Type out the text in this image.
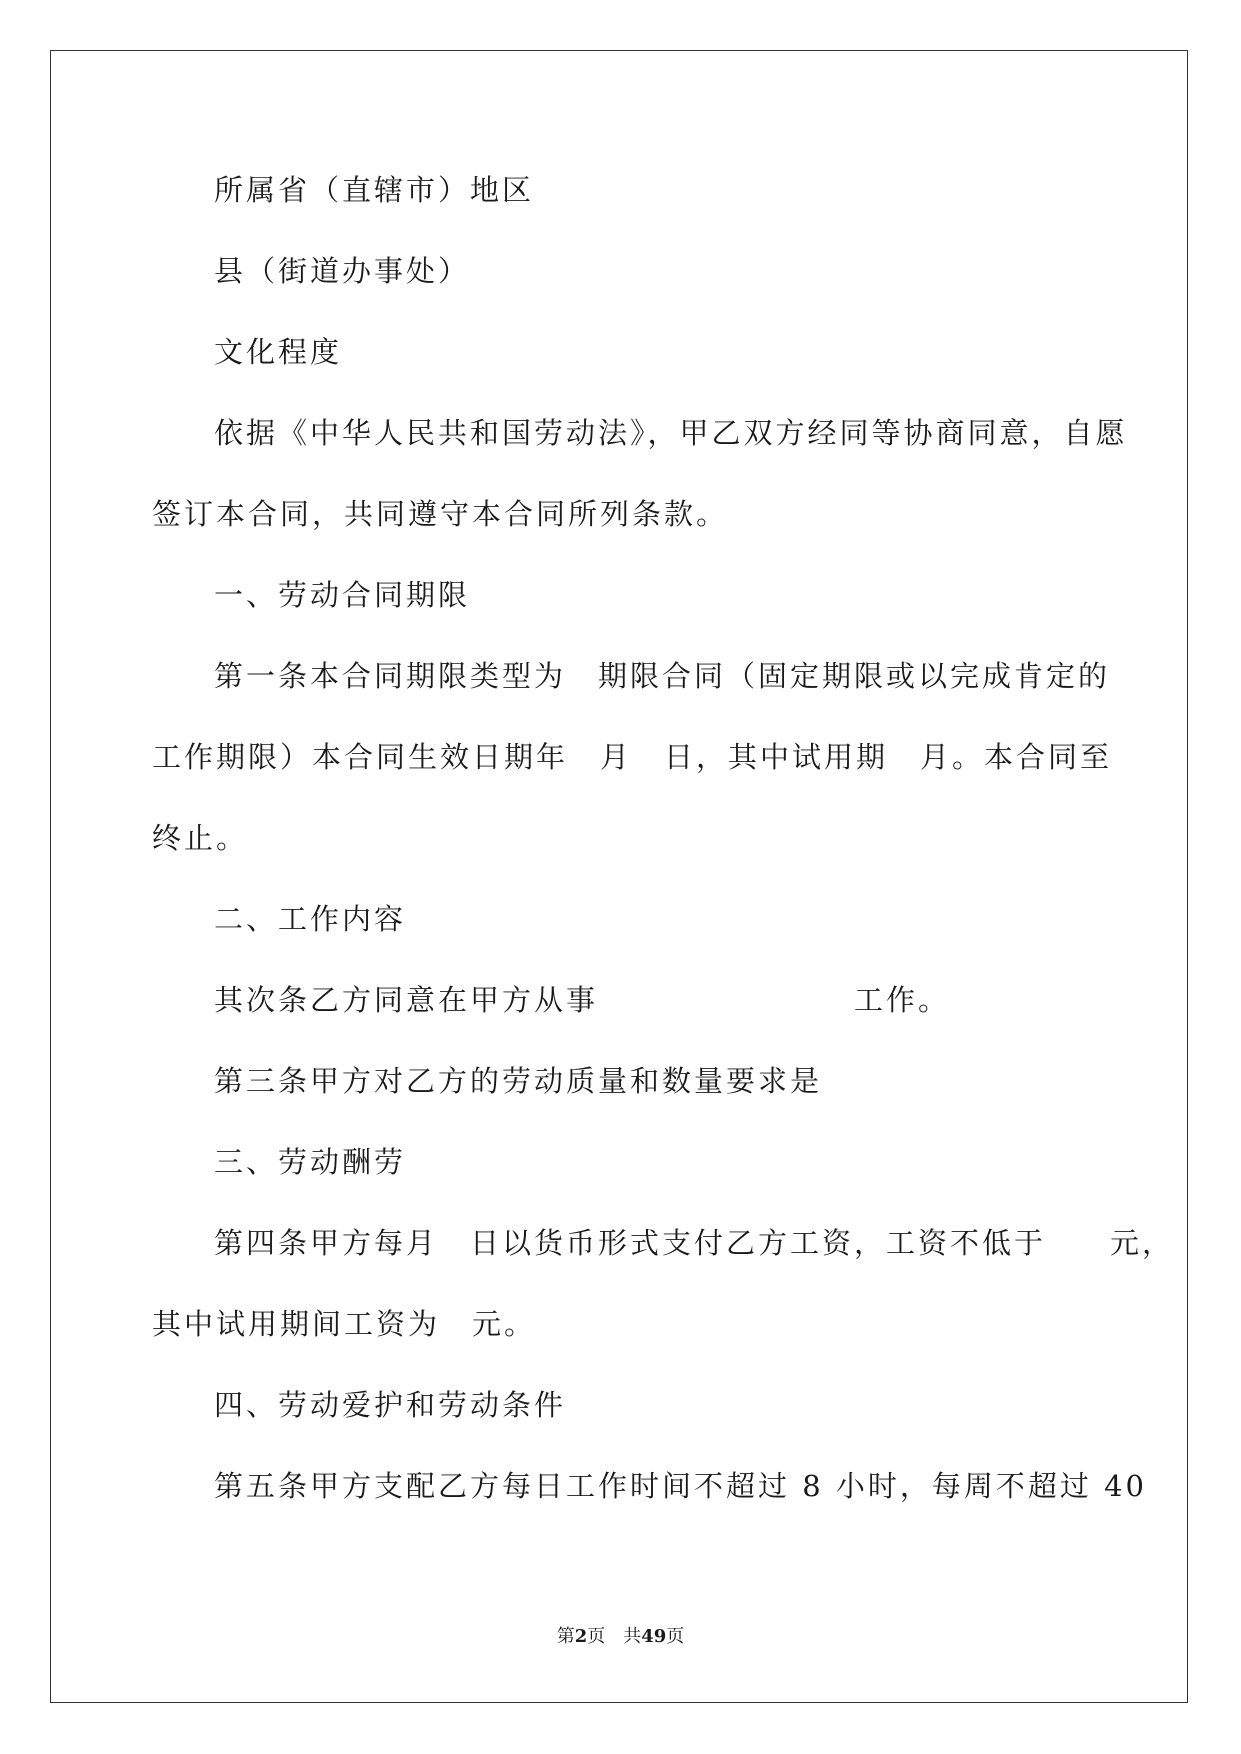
所属省（直辖市）地区
县（街道办事处）
文化程度
依据《中华人民共和国劳动法》，甲乙双方经同等协商同意，自愿
签订本合同，共同遵守本合同所列条款。
一、劳动合同期限
第一条本合同期限类型为　期限合同（固定期限或以完成肯定的
工作期限）本合同生效日期年　月　日，其中试用期　月。本合同至
终止。
二、工作内容
其次条乙方同意在甲方从事　　　　　　　　工作。
第三条甲方对乙方的劳动质量和数量要求是
三、劳动酬劳
第四条甲方每月　日以货币形式支付乙方工资，工资不低于　　元，
其中试用期间工资为　元。
四、劳动爱护和劳动条件
第五条甲方支配乙方每日工作时间不超过 8 小时，每周不超过 40
第2页　共49页
